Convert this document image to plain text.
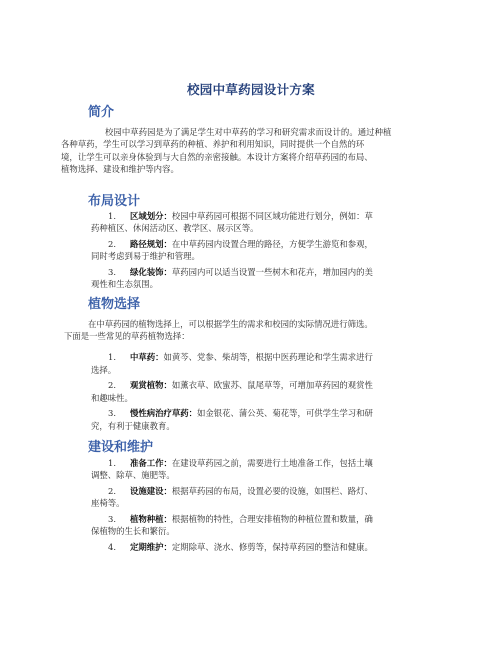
校园中草药园设计方案
简介
校园中草药园是为了满足学生对中草药的学习和研究需求而设计的。通过种植
各种草药，学生可以学习到草药的种植、养护和利用知识，同时提供一个自然的环
境，让学生可以亲身体验到与大自然的亲密接触。本设计方案将介绍草药园的布局、
植物选择、建设和维护等内容。
布局设计
1. 区域划分：校园中草药园可根据不同区域功能进行划分，例如：草
药种植区、休闲活动区、教学区、展示区等。
2. 路径规划：在中草药园内设置合理的路径，方便学生游览和参观，
同时考虑到易于维护和管理。
3. 绿化装饰：草药园内可以适当设置一些树木和花卉，增加园内的美
观性和生态氛围。
植物选择
在中草药园的植物选择上，可以根据学生的需求和校园的实际情况进行筛选。
下面是一些常见的草药植物选择：
1. 中草药：如黄芩、党参、柴胡等，根据中医药理论和学生需求进行
选择。
2. 观赏植物：如薰衣草、欧蜜苏、鼠尾草等，可增加草药园的观赏性
和趣味性。
3. 慢性病治疗草药：如金银花、蒲公英、菊花等，可供学生学习和研
究，有利于健康教育。
建设和维护
1. 准备工作：在建设草药园之前，需要进行土地准备工作，包括土壤
调整、除草、施肥等。
2. 设施建设：根据草药园的布局，设置必要的设施，如围栏、路灯、
座椅等。
3. 植物种植：根据植物的特性，合理安排植物的种植位置和数量，确
保植物的生长和繁衍。
4. 定期维护：定期除草、浇水、修剪等，保持草药园的整洁和健康。
